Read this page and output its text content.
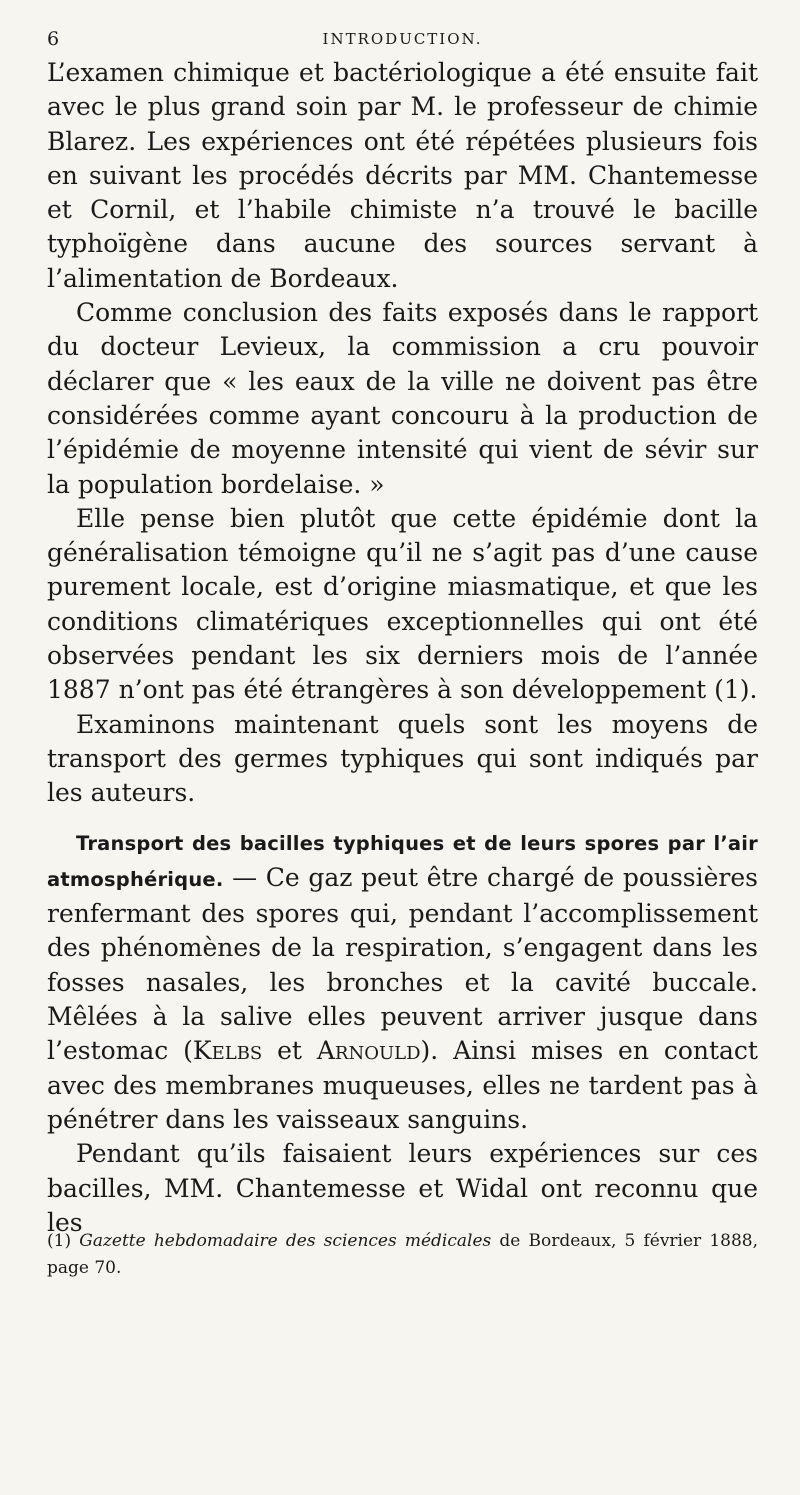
6	INTRODUCTION.

L’examen chimique et bactériologique a été ensuite fait avec le plus grand soin par M. le professeur de chimie Blarez. Les expériences ont été répétées plusieurs fois en suivant les procédés décrits par MM. Chantemesse et Cornil, et l’habile chimiste n’a trouvé le bacille typhoïgène dans aucune des sources servant à l’alimentation de Bordeaux.

Comme conclusion des faits exposés dans le rapport du docteur Levieux, la commission a cru pouvoir déclarer que « les eaux de la ville ne doivent pas être considérées comme ayant concouru à la production de l’épidémie de moyenne intensité qui vient de sévir sur la population bordelaise. »

Elle pense bien plutôt que cette épidémie dont la généralisation témoigne qu’il ne s’agit pas d’une cause purement locale, est d’origine miasmatique, et que les conditions climatériques exceptionnelles qui ont été observées pendant les six derniers mois de l’année 1887 n’ont pas été étrangères à son développement (1).

Examinons maintenant quels sont les moyens de transport des germes typhiques qui sont indiqués par les auteurs.

Transport des bacilles typhiques et de leurs spores par l’air atmosphérique. — Ce gaz peut être chargé de poussières renfermant des spores qui, pendant l’accomplissement des phénomènes de la respiration, s’engagent dans les fosses nasales, les bronches et la cavité buccale. Mêlées à la salive elles peuvent arriver jusque dans l’estomac (Kelbs et Arnould). Ainsi mises en contact avec des membranes muqueuses, elles ne tardent pas à pénétrer dans les vaisseaux sanguins.

Pendant qu’ils faisaient leurs expériences sur ces bacilles, MM. Chantemesse et Widal ont reconnu que les

(1) Gazette hebdomadaire des sciences médicales de Bordeaux, 5 février 1888, page 70.
